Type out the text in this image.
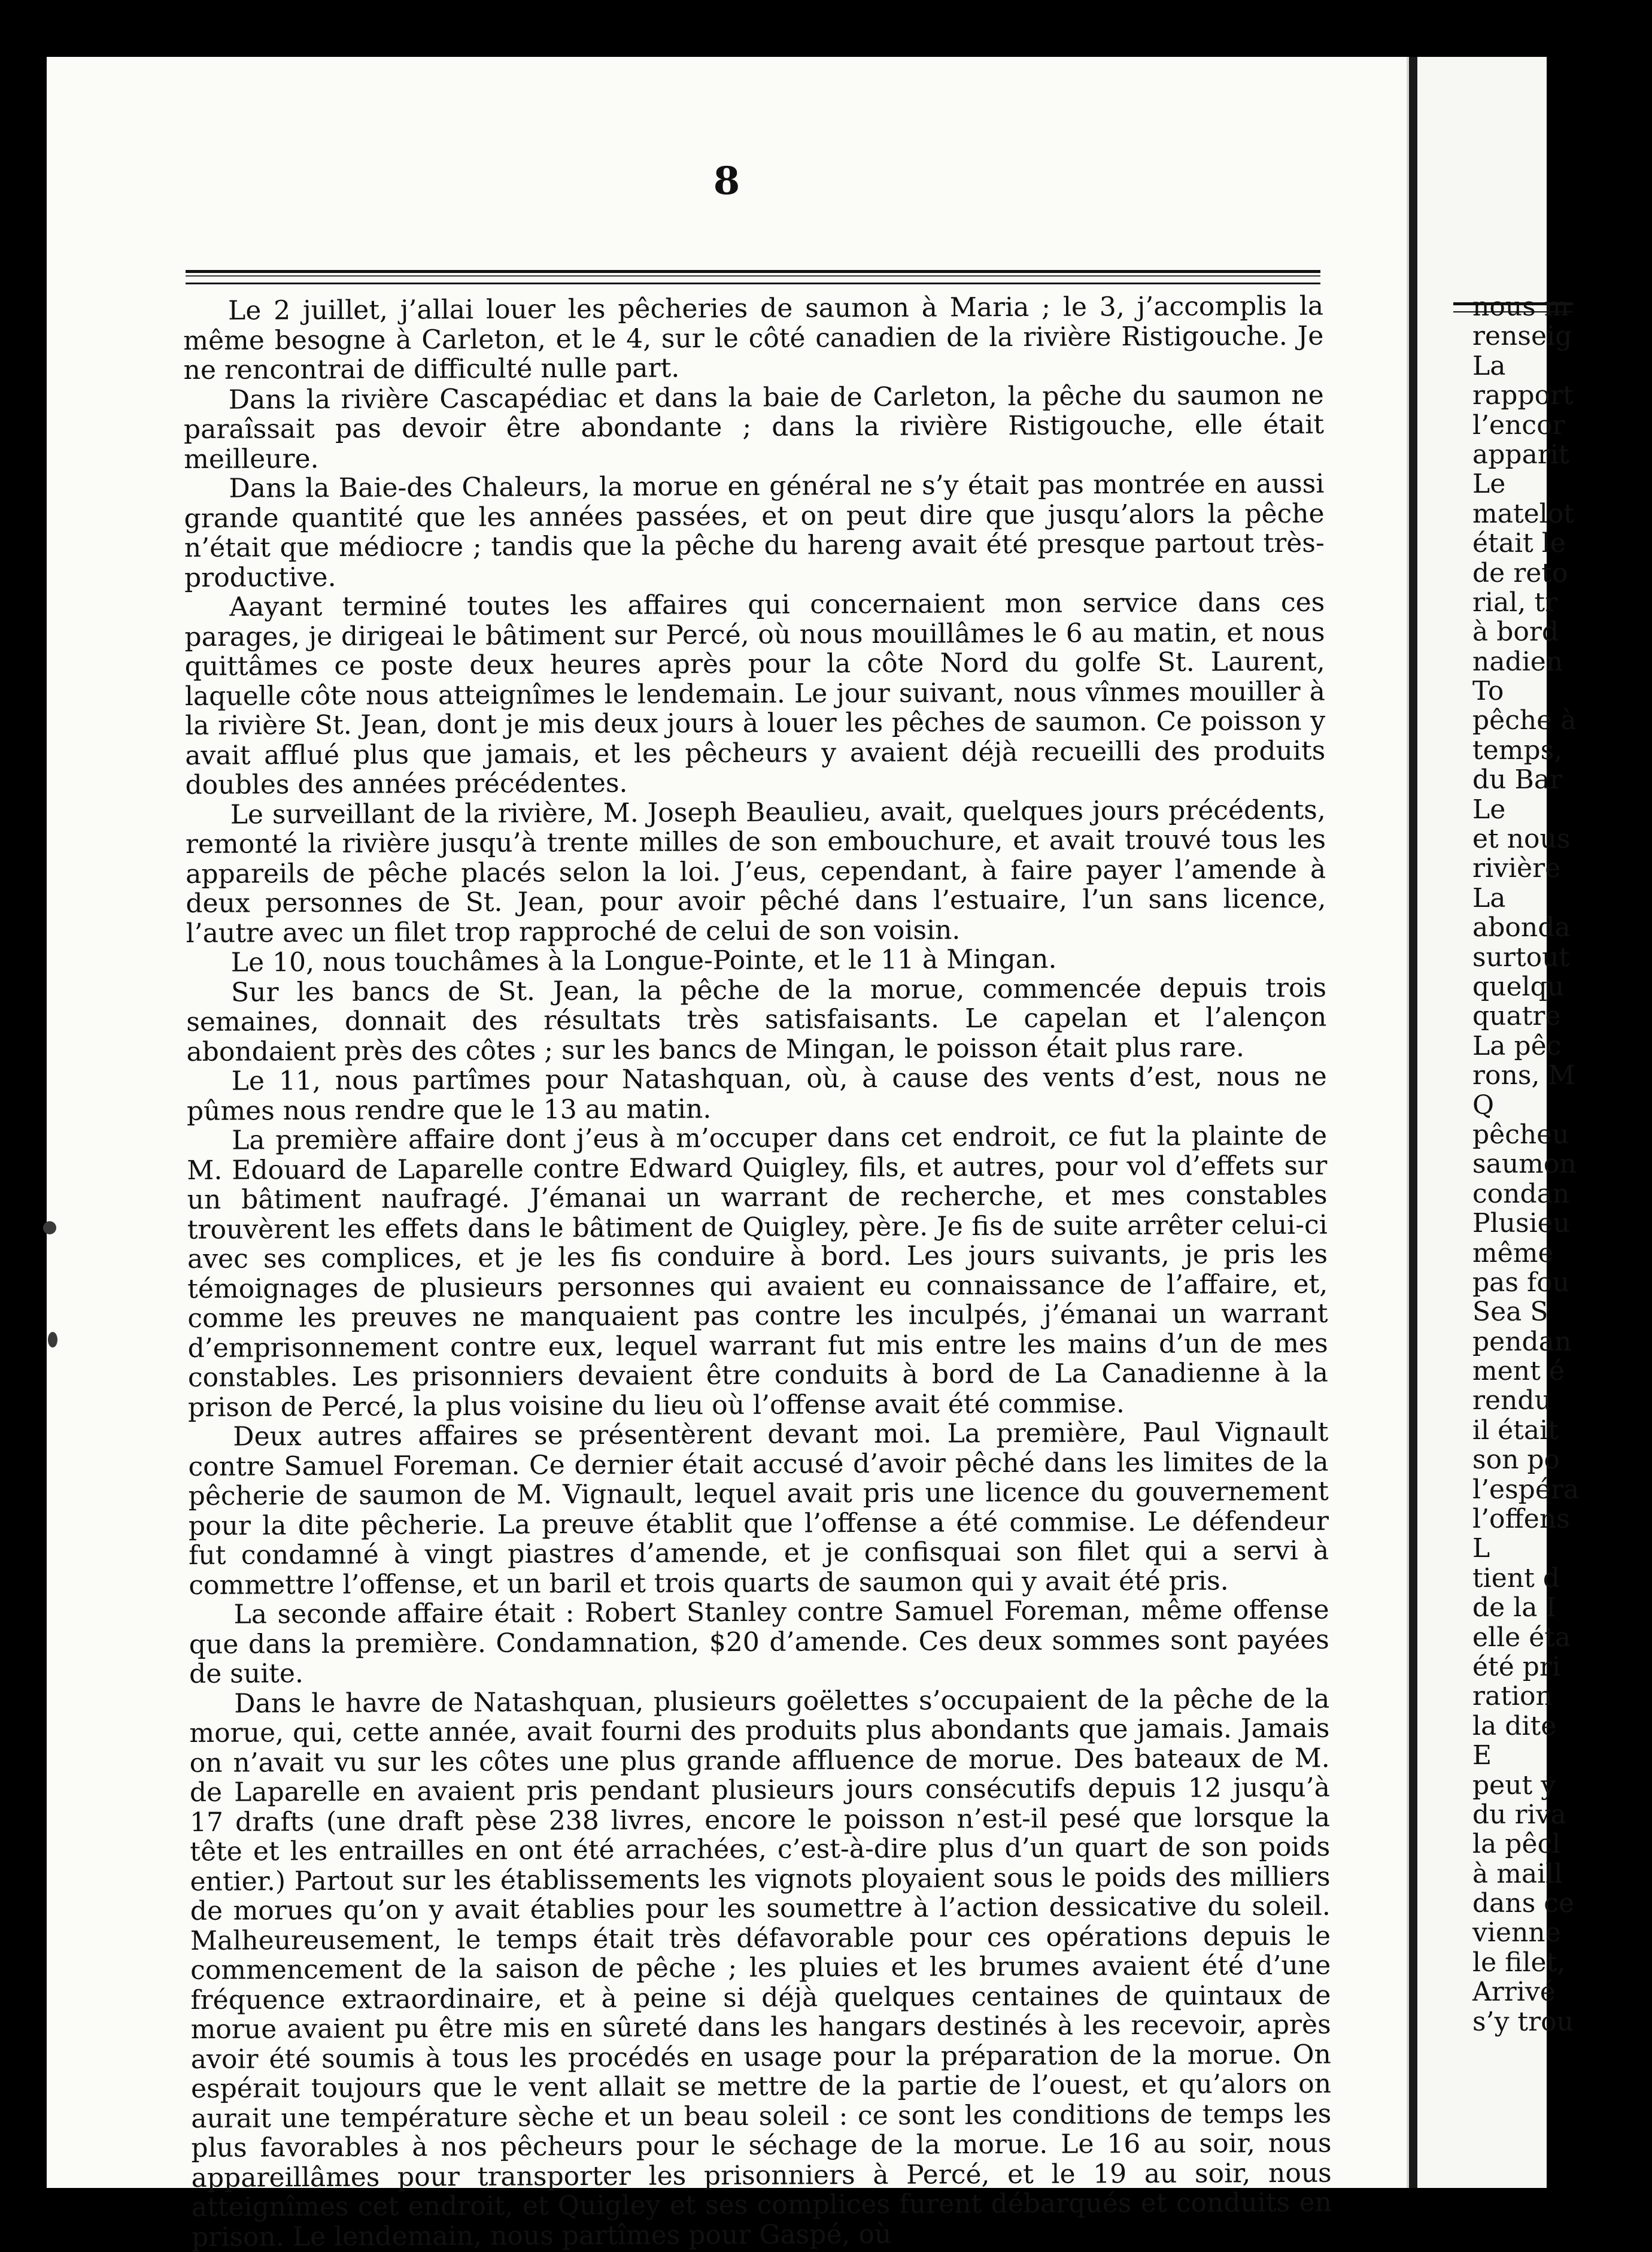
8

Le 2 juillet, j’allai louer les pêcheries de saumon à Maria ; le 3, j’accomplis la même besogne à Carleton, et le 4, sur le côté canadien de la rivière Ristigouche. Je ne rencontrai de difficulté nulle part.

Dans la rivière Cascapédiac et dans la baie de Carleton, la pêche du saumon ne paraîssait pas devoir être abondante ; dans la rivière Ristigouche, elle était meilleure.

Dans la Baie-des Chaleurs, la morue en général ne s’y était pas montrée en aussi grande quantité que les années passées, et on peut dire que jusqu’alors la pêche n’était que médiocre ; tandis que la pêche du hareng avait été presque partout très-productive.

Aayant terminé toutes les affaires qui concernaient mon service dans ces parages, je dirigeai le bâtiment sur Percé, où nous mouillâmes le 6 au matin, et nous quittâmes ce poste deux heures après pour la côte Nord du golfe St. Laurent, laquelle côte nous atteignîmes le lendemain. Le jour suivant, nous vînmes mouiller à la rivière St. Jean, dont je mis deux jours à louer les pêches de saumon. Ce poisson y avait afflué plus que jamais, et les pêcheurs y avaient déjà recueilli des produits doubles des années précédentes.

Le surveillant de la rivière, M. Joseph Beaulieu, avait, quelques jours précédents, remonté la rivière jusqu’à trente milles de son embouchure, et avait trouvé tous les appareils de pêche placés selon la loi. J’eus, cependant, à faire payer l’amende à deux personnes de St. Jean, pour avoir pêché dans l’estuaire, l’un sans licence, l’autre avec un filet trop rapproché de celui de son voisin.

Le 10, nous touchâmes à la Longue-Pointe, et le 11 à Mingan.

Sur les bancs de St. Jean, la pêche de la morue, commencée depuis trois semaines, donnait des résultats très satisfaisants. Le capelan et l’alençon abondaient près des côtes ; sur les bancs de Mingan, le poisson était plus rare.

Le 11, nous partîmes pour Natashquan, où, à cause des vents d’est, nous ne pûmes nous rendre que le 13 au matin.

La première affaire dont j’eus à m’occuper dans cet endroit, ce fut la plainte de M. Edouard de Laparelle contre Edward Quigley, fils, et autres, pour vol d’effets sur un bâtiment naufragé. J’émanai un warrant de recherche, et mes constables trouvèrent les effets dans le bâtiment de Quigley, père. Je fis de suite arrêter celui-ci avec ses complices, et je les fis conduire à bord. Les jours suivants, je pris les témoignages de plusieurs personnes qui avaient eu connaissance de l’affaire, et, comme les preuves ne manquaient pas contre les inculpés, j’émanai un warrant d’emprisonnement contre eux, lequel warrant fut mis entre les mains d’un de mes constables. Les prisonniers devaient être conduits à bord de La Canadienne à la prison de Percé, la plus voisine du lieu où l’offense avait été commise.

Deux autres affaires se présentèrent devant moi. La première, Paul Vignault contre Samuel Foreman. Ce dernier était accusé d’avoir pêché dans les limites de la pêcherie de saumon de M. Vignault, lequel avait pris une licence du gouvernement pour la dite pêcherie. La preuve établit que l’offense a été commise. Le défendeur fut condamné à vingt piastres d’amende, et je confisquai son filet qui a servi à commettre l’offense, et un baril et trois quarts de saumon qui y avait été pris.

La seconde affaire était : Robert Stanley contre Samuel Foreman, même offense que dans la première. Condamnation, $20 d’amende. Ces deux sommes sont payées de suite.

Dans le havre de Natashquan, plusieurs goëlettes s’occupaient de la pêche de la morue, qui, cette année, avait fourni des produits plus abondants que jamais. Jamais on n’avait vu sur les côtes une plus grande affluence de morue. Des bateaux de M. de Laparelle en avaient pris pendant plusieurs jours consécutifs depuis 12 jusqu’à 17 drafts (une draft pèse 238 livres, encore le poisson n’est-il pesé que lorsque la tête et les entrailles en ont été arrachées, c’est-à-dire plus d’un quart de son poids entier.) Partout sur les établissements les vignots ployaient sous le poids des milliers de morues qu’on y avait établies pour les soumettre à l’action dessicative du soleil. Malheureusement, le temps était très défavorable pour ces opérations depuis le commencement de la saison de pêche ; les pluies et les brumes avaient été d’une fréquence extraordinaire, et à peine si déjà quelques centaines de quintaux de morue avaient pu être mis en sûreté dans les hangars destinés à les recevoir, après avoir été soumis à tous les procédés en usage pour la préparation de la morue. On espérait toujours que le vent allait se mettre de la partie de l’ouest, et qu’alors on aurait une température sèche et un beau soleil : ce sont les conditions de temps les plus favorables à nos pêcheurs pour le séchage de la morue. Le 16 au soir, nous appareillâmes pour transporter les prisonniers à Percé, et le 19 au soir, nous atteignîmes cet endroit, et Quigley et ses complices furent débarqués et conduits en prison. Le lendemain, nous partîmes pour Gaspé, où

nous m
renseig
La
rapport
l’encor
apparit
Le
matelot
était le
de reto
rial, tr
à bord
nadien
To
pêche à
temps,
du Bar
Le
et nous
rivière
La
abonda
surtout
quelqu
quatre
La pêc
rons, M
Q
pêcheu
saumon
condan
Plusieu
même
pas fou
Sea S
pendan
ment é
rendu
il était
son po
l’espéra
l’offens
L
tient d
de la I
elle éta
été pri
ration
la dite
E
peut y
du riva
la pêcl
à maill
dans ce
vienne
le filet,
Arrivé
s’y trou
